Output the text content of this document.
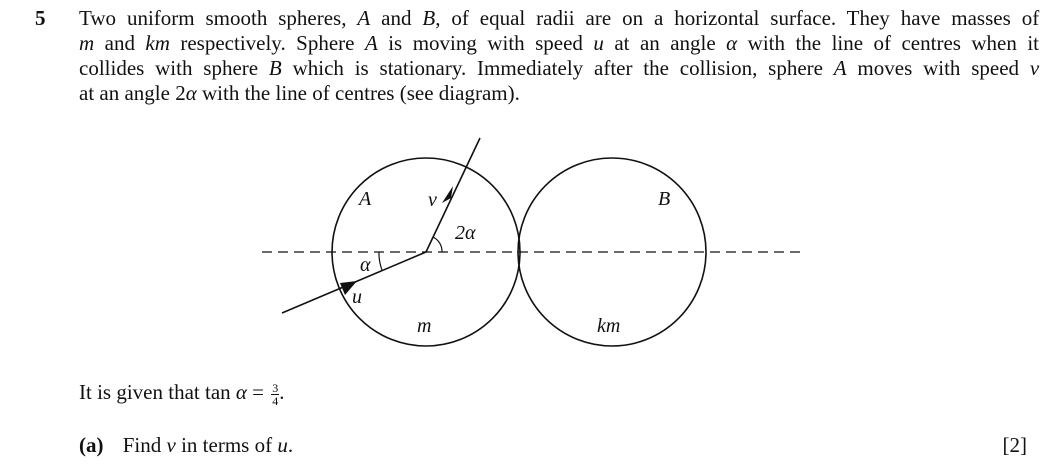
5 Two uniform smooth spheres, A and B, of equal radii are on a horizontal surface. They have masses of
m and km respectively. Sphere A is moving with speed u at an angle α with the line of centres when it
collides with sphere B which is stationary. Immediately after the collision, sphere A moves with speed v
at an angle 2α with the line of centres (see diagram).
A	v
2α
α
u
m
B
km
It is given that $\tan \alpha = \frac{3}{4}$ .
(a) Find v in terms of u.	[2]
